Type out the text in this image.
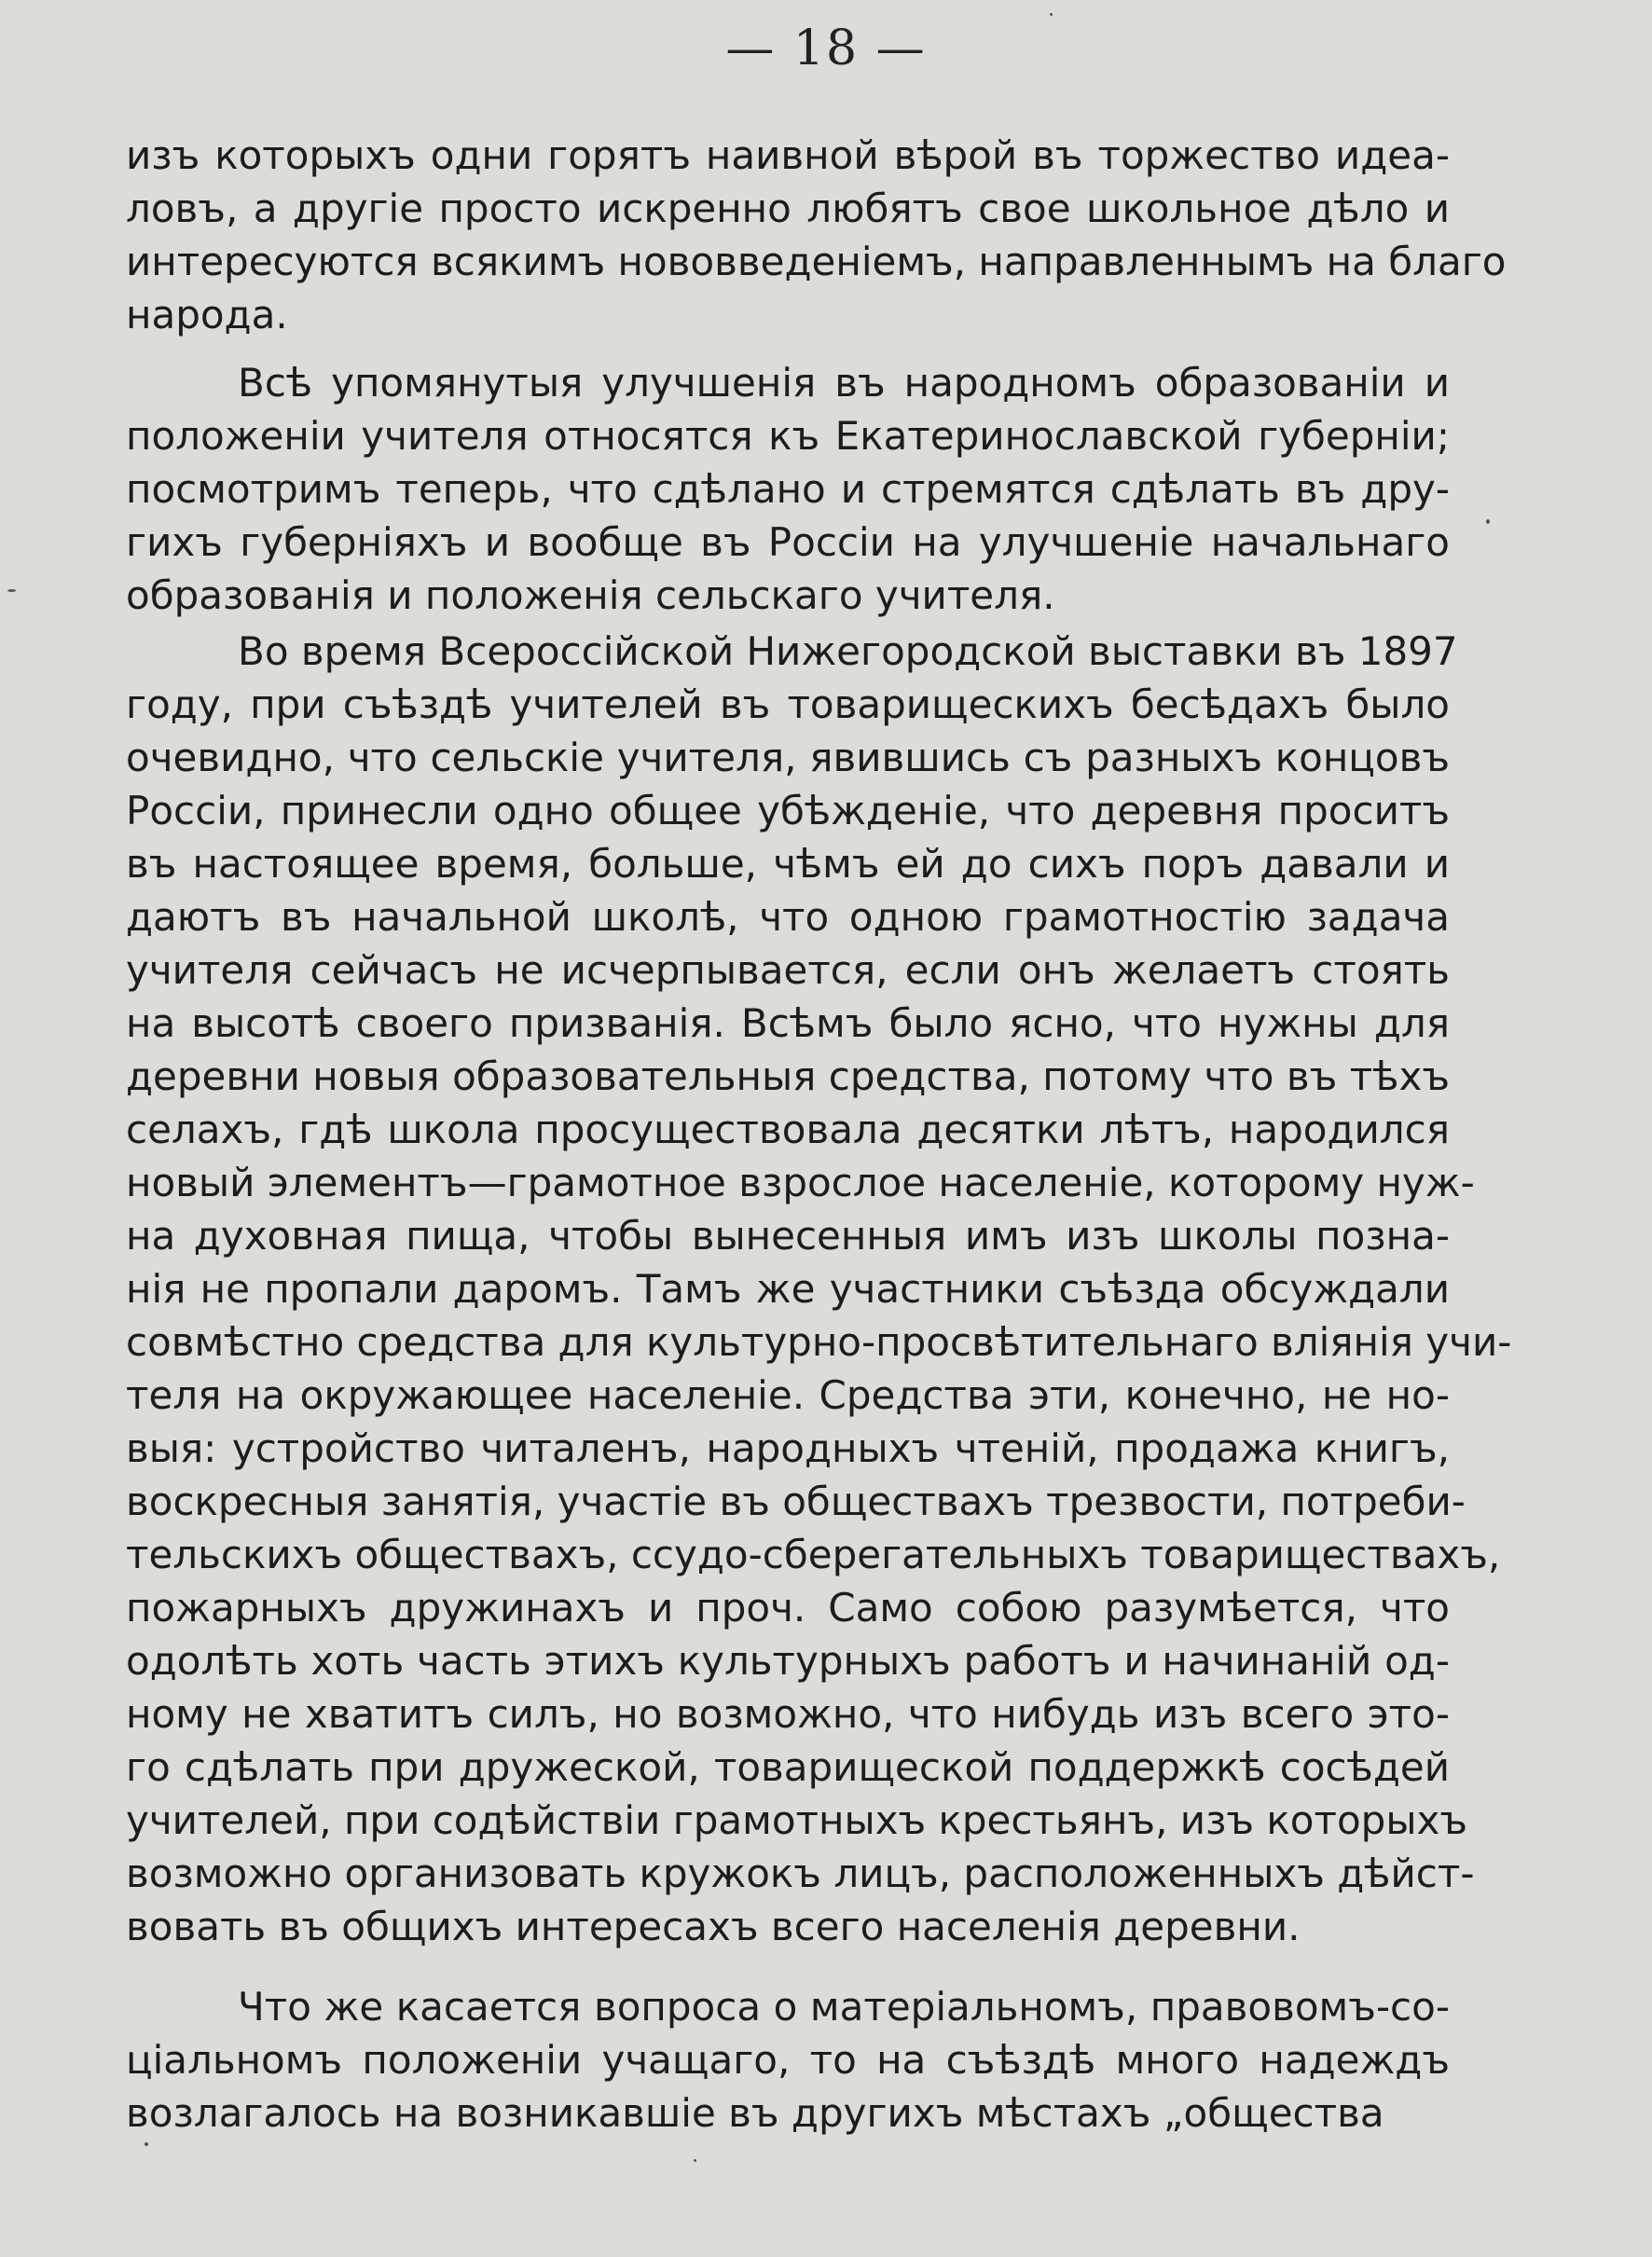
— 18 —
изъ которыхъ одни горятъ наивной вѣрой въ торжество идеа-
ловъ, а другіе просто искренно любятъ свое школьное дѣло и
интересуются всякимъ нововведеніемъ, направленнымъ на благо
народа.
Всѣ упомянутыя улучшенія въ народномъ образованіи и
положеніи учителя относятся къ Екатеринославской губерніи;
посмотримъ теперь, что сдѣлано и стремятся сдѣлать въ дру-
гихъ губерніяхъ и вообще въ Россіи на улучшеніе начальнаго
образованія и положенія сельскаго учителя.
Во время Всероссійской Нижегородской выставки въ 1897
году, при съѣздѣ учителей въ товарищескихъ бесѣдахъ было
очевидно, что сельскіе учителя, явившись съ разныхъ концовъ
Россіи, принесли одно общее убѣжденіе, что деревня проситъ
въ настоящее время, больше, чѣмъ ей до сихъ поръ давали и
даютъ въ начальной школѣ, что одною грамотностію задача
учителя сейчасъ не исчерпывается, если онъ желаетъ стоять
на высотѣ своего призванія. Всѣмъ было ясно, что нужны для
деревни новыя образовательныя средства, потому что въ тѣхъ
селахъ, гдѣ школа просуществовала десятки лѣтъ, народился
новый элементъ—грамотное взрослое населеніе, которому нуж-
на духовная пища, чтобы вынесенныя имъ изъ школы позна-
нія не пропали даромъ. Тамъ же участники съѣзда обсуждали
совмѣстно средства для культурно-просвѣтительнаго вліянія учи-
теля на окружающее населеніе. Средства эти, конечно, не но-
выя: устройство читаленъ, народныхъ чтеній, продажа книгъ,
воскресныя занятія, участіе въ обществахъ трезвости, потреби-
тельскихъ обществахъ, ссудо-сберегательныхъ товариществахъ,
пожарныхъ дружинахъ и проч. Само собою разумѣется, что
одолѣть хоть часть этихъ культурныхъ работъ и начинаній од-
ному не хватитъ силъ, но возможно, что нибудь изъ всего это-
го сдѣлать при дружеской, товарищеской поддержкѣ сосѣдей
учителей, при содѣйствіи грамотныхъ крестьянъ, изъ которыхъ
возможно организовать кружокъ лицъ, расположенныхъ дѣйст-
вовать въ общихъ интересахъ всего населенія деревни.
Что же касается вопроса о матеріальномъ, правовомъ-со-
ціальномъ положеніи учащаго, то на съѣздѣ много надеждъ
возлагалось на возникавшіе въ другихъ мѣстахъ „общества
